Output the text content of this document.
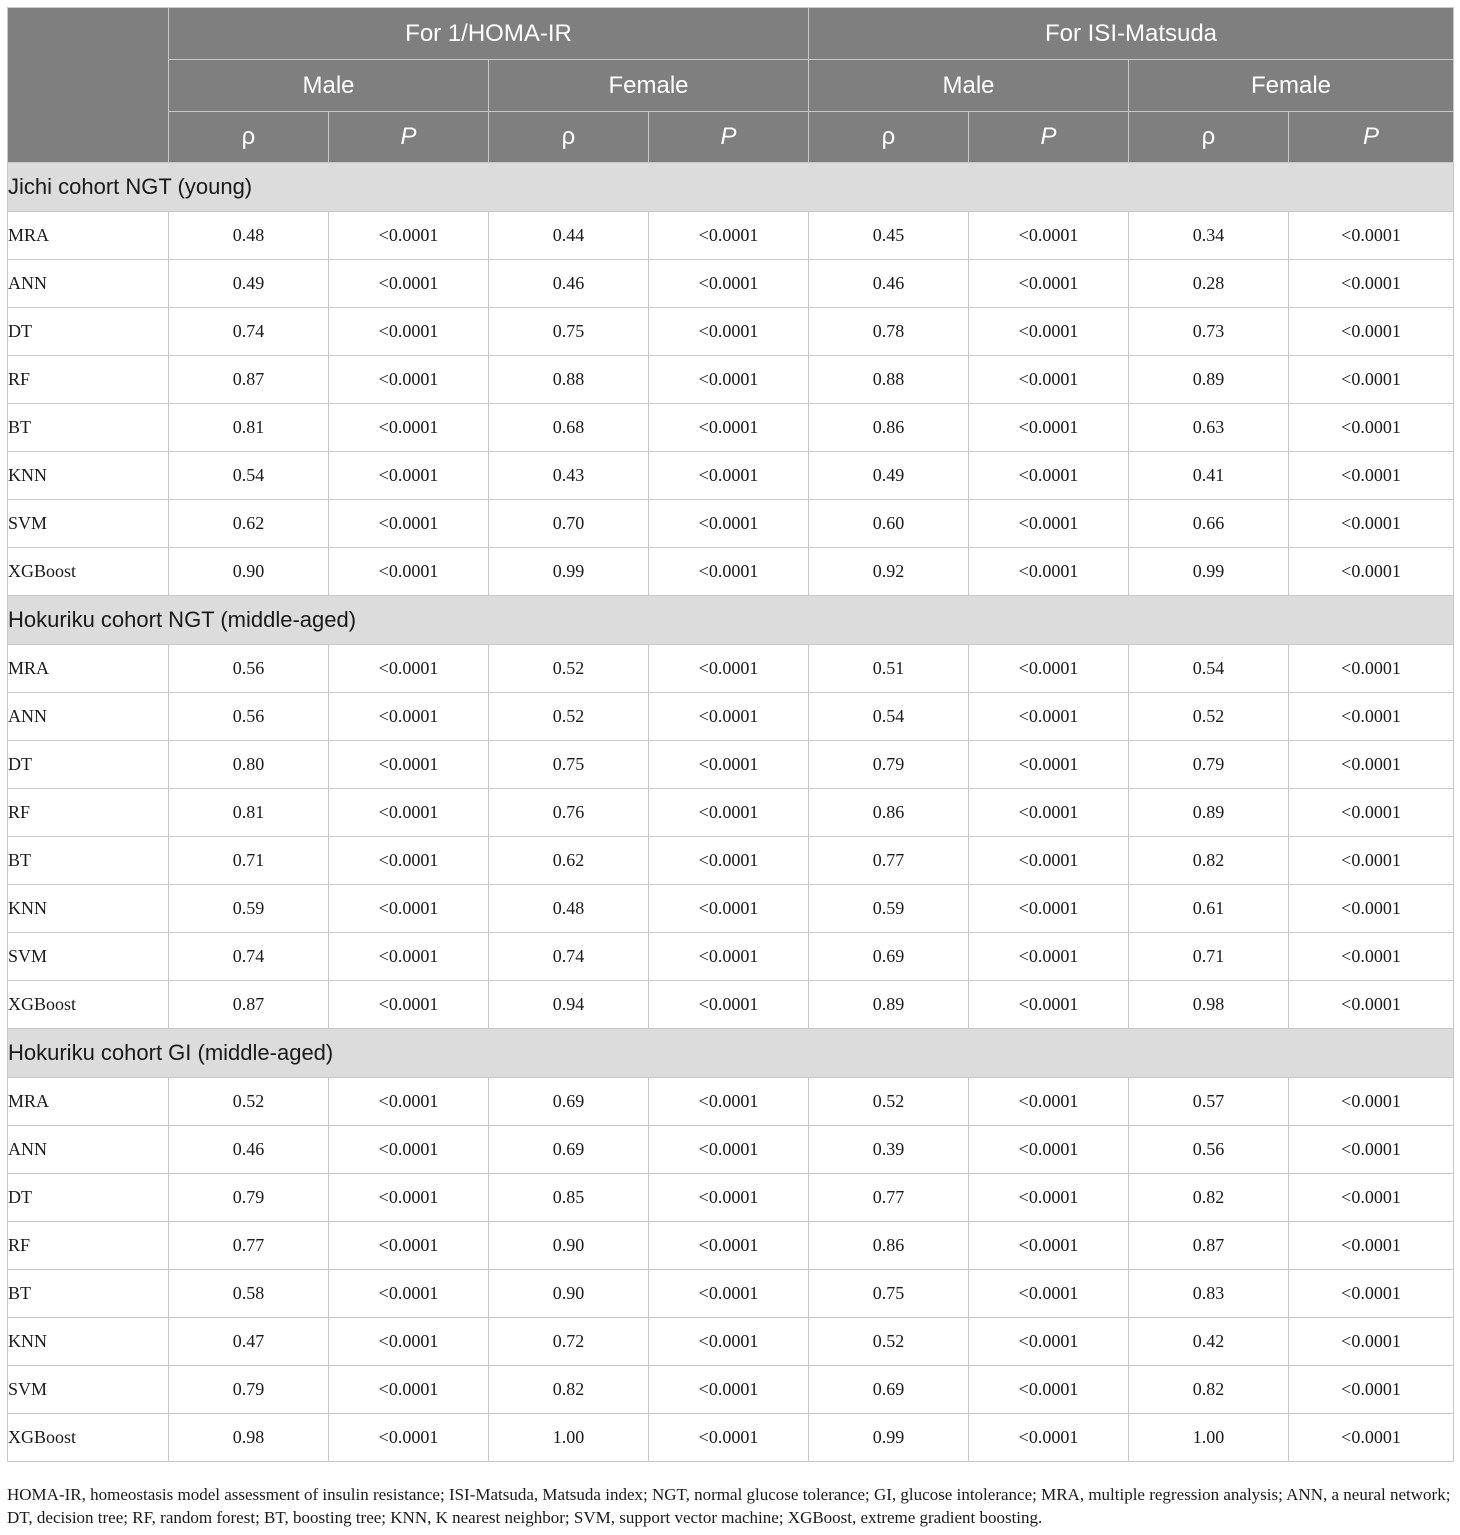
	For 1/HOMA-IR				For ISI-Matsuda			
	Male		Female		Male		Female	
	ρ	P	ρ	P	ρ	P	ρ	P
Jichi cohort NGT (young)								
MRA	0.48	<0.0001	0.44	<0.0001	0.45	<0.0001	0.34	<0.0001
ANN	0.49	<0.0001	0.46	<0.0001	0.46	<0.0001	0.28	<0.0001
DT	0.74	<0.0001	0.75	<0.0001	0.78	<0.0001	0.73	<0.0001
RF	0.87	<0.0001	0.88	<0.0001	0.88	<0.0001	0.89	<0.0001
BT	0.81	<0.0001	0.68	<0.0001	0.86	<0.0001	0.63	<0.0001
KNN	0.54	<0.0001	0.43	<0.0001	0.49	<0.0001	0.41	<0.0001
SVM	0.62	<0.0001	0.70	<0.0001	0.60	<0.0001	0.66	<0.0001
XGBoost	0.90	<0.0001	0.99	<0.0001	0.92	<0.0001	0.99	<0.0001
Hokuriku cohort NGT (middle-aged)								
MRA	0.56	<0.0001	0.52	<0.0001	0.51	<0.0001	0.54	<0.0001
ANN	0.56	<0.0001	0.52	<0.0001	0.54	<0.0001	0.52	<0.0001
DT	0.80	<0.0001	0.75	<0.0001	0.79	<0.0001	0.79	<0.0001
RF	0.81	<0.0001	0.76	<0.0001	0.86	<0.0001	0.89	<0.0001
BT	0.71	<0.0001	0.62	<0.0001	0.77	<0.0001	0.82	<0.0001
KNN	0.59	<0.0001	0.48	<0.0001	0.59	<0.0001	0.61	<0.0001
SVM	0.74	<0.0001	0.74	<0.0001	0.69	<0.0001	0.71	<0.0001
XGBoost	0.87	<0.0001	0.94	<0.0001	0.89	<0.0001	0.98	<0.0001
Hokuriku cohort GI (middle-aged)								
MRA	0.52	<0.0001	0.69	<0.0001	0.52	<0.0001	0.57	<0.0001
ANN	0.46	<0.0001	0.69	<0.0001	0.39	<0.0001	0.56	<0.0001
DT	0.79	<0.0001	0.85	<0.0001	0.77	<0.0001	0.82	<0.0001
RF	0.77	<0.0001	0.90	<0.0001	0.86	<0.0001	0.87	<0.0001
BT	0.58	<0.0001	0.90	<0.0001	0.75	<0.0001	0.83	<0.0001
KNN	0.47	<0.0001	0.72	<0.0001	0.52	<0.0001	0.42	<0.0001
SVM	0.79	<0.0001	0.82	<0.0001	0.69	<0.0001	0.82	<0.0001
XGBoost	0.98	<0.0001	1.00	<0.0001	0.99	<0.0001	1.00	<0.0001

HOMA-IR, homeostasis model assessment of insulin resistance; ISI-Matsuda, Matsuda index; NGT, normal glucose tolerance; GI, glucose intolerance; MRA, multiple regression analysis; ANN, a neural network; DT, decision tree; RF, random forest; BT, boosting tree; KNN, K nearest neighbor; SVM, support vector machine; XGBoost, extreme gradient boosting.
